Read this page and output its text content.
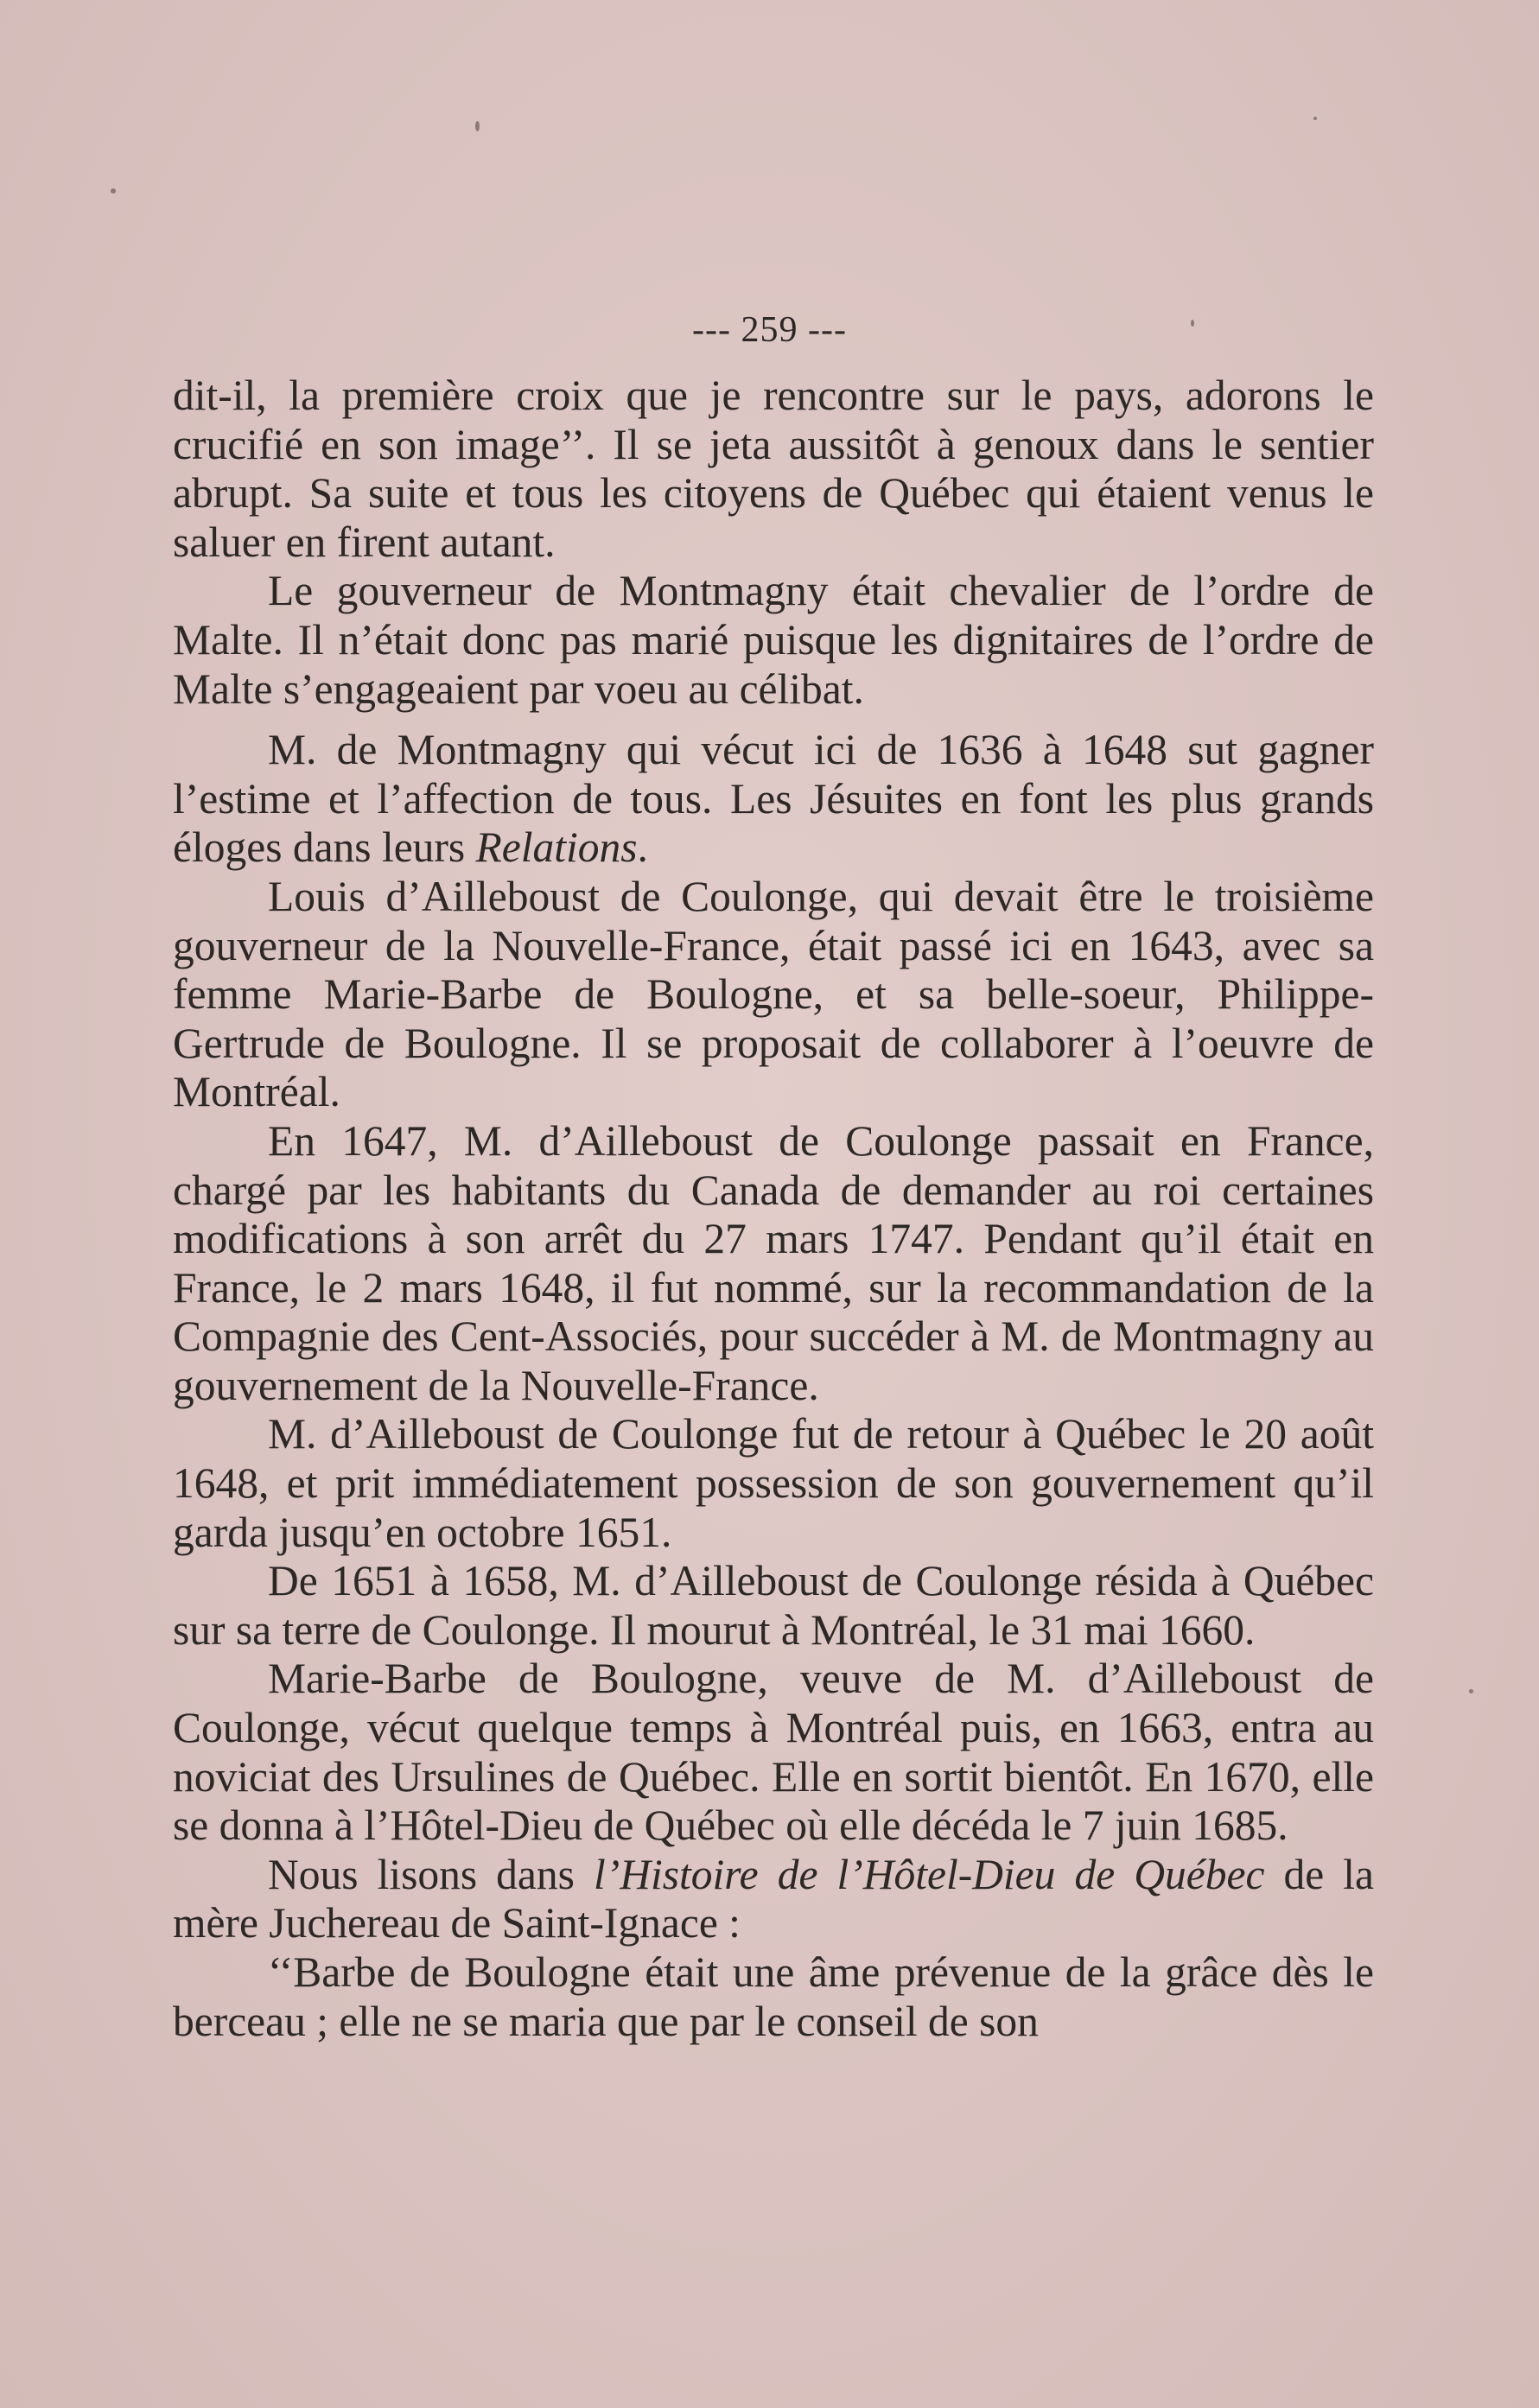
--- 259 ---

dit-il, la première croix que je rencontre sur le pays, adorons le crucifié en son image’’. Il se jeta aussitôt à genoux dans le sentier abrupt. Sa suite et tous les citoyens de Québec qui étaient venus le saluer en firent autant.

Le gouverneur de Montmagny était chevalier de l’ordre de Malte. Il n’était donc pas marié puisque les dignitaires de l’ordre de Malte s’engageaient par voeu au célibat.

M. de Montmagny qui vécut ici de 1636 à 1648 sut gagner l’estime et l’affection de tous. Les Jésuites en font les plus grands éloges dans leurs Relations.

Louis d’Ailleboust de Coulonge, qui devait être le troisième gouverneur de la Nouvelle-France, était passé ici en 1643, avec sa femme Marie-Barbe de Boulogne, et sa belle-soeur, Philippe-Gertrude de Boulogne. Il se proposait de collaborer à l’oeuvre de Montréal.

En 1647, M. d’Ailleboust de Coulonge passait en France, chargé par les habitants du Canada de demander au roi certaines modifications à son arrêt du 27 mars 1747. Pendant qu’il était en France, le 2 mars 1648, il fut nommé, sur la recommandation de la Compagnie des Cent-Associés, pour succéder à M. de Montmagny au gouvernement de la Nouvelle-France.

M. d’Ailleboust de Coulonge fut de retour à Québec le 20 août 1648, et prit immédiatement possession de son gouvernement qu’il garda jusqu’en octobre 1651.

De 1651 à 1658, M. d’Ailleboust de Coulonge résida à Québec sur sa terre de Coulonge. Il mourut à Montréal, le 31 mai 1660.

Marie-Barbe de Boulogne, veuve de M. d’Ailleboust de Coulonge, vécut quelque temps à Montréal puis, en 1663, entra au noviciat des Ursulines de Québec. Elle en sortit bientôt. En 1670, elle se donna à l’Hôtel-Dieu de Québec où elle décéda le 7 juin 1685.

Nous lisons dans l’Histoire de l’Hôtel-Dieu de Québec de la mère Juchereau de Saint-Ignace :

‘‘Barbe de Boulogne était une âme prévenue de la grâce dès le berceau ; elle ne se maria que par le conseil de son
